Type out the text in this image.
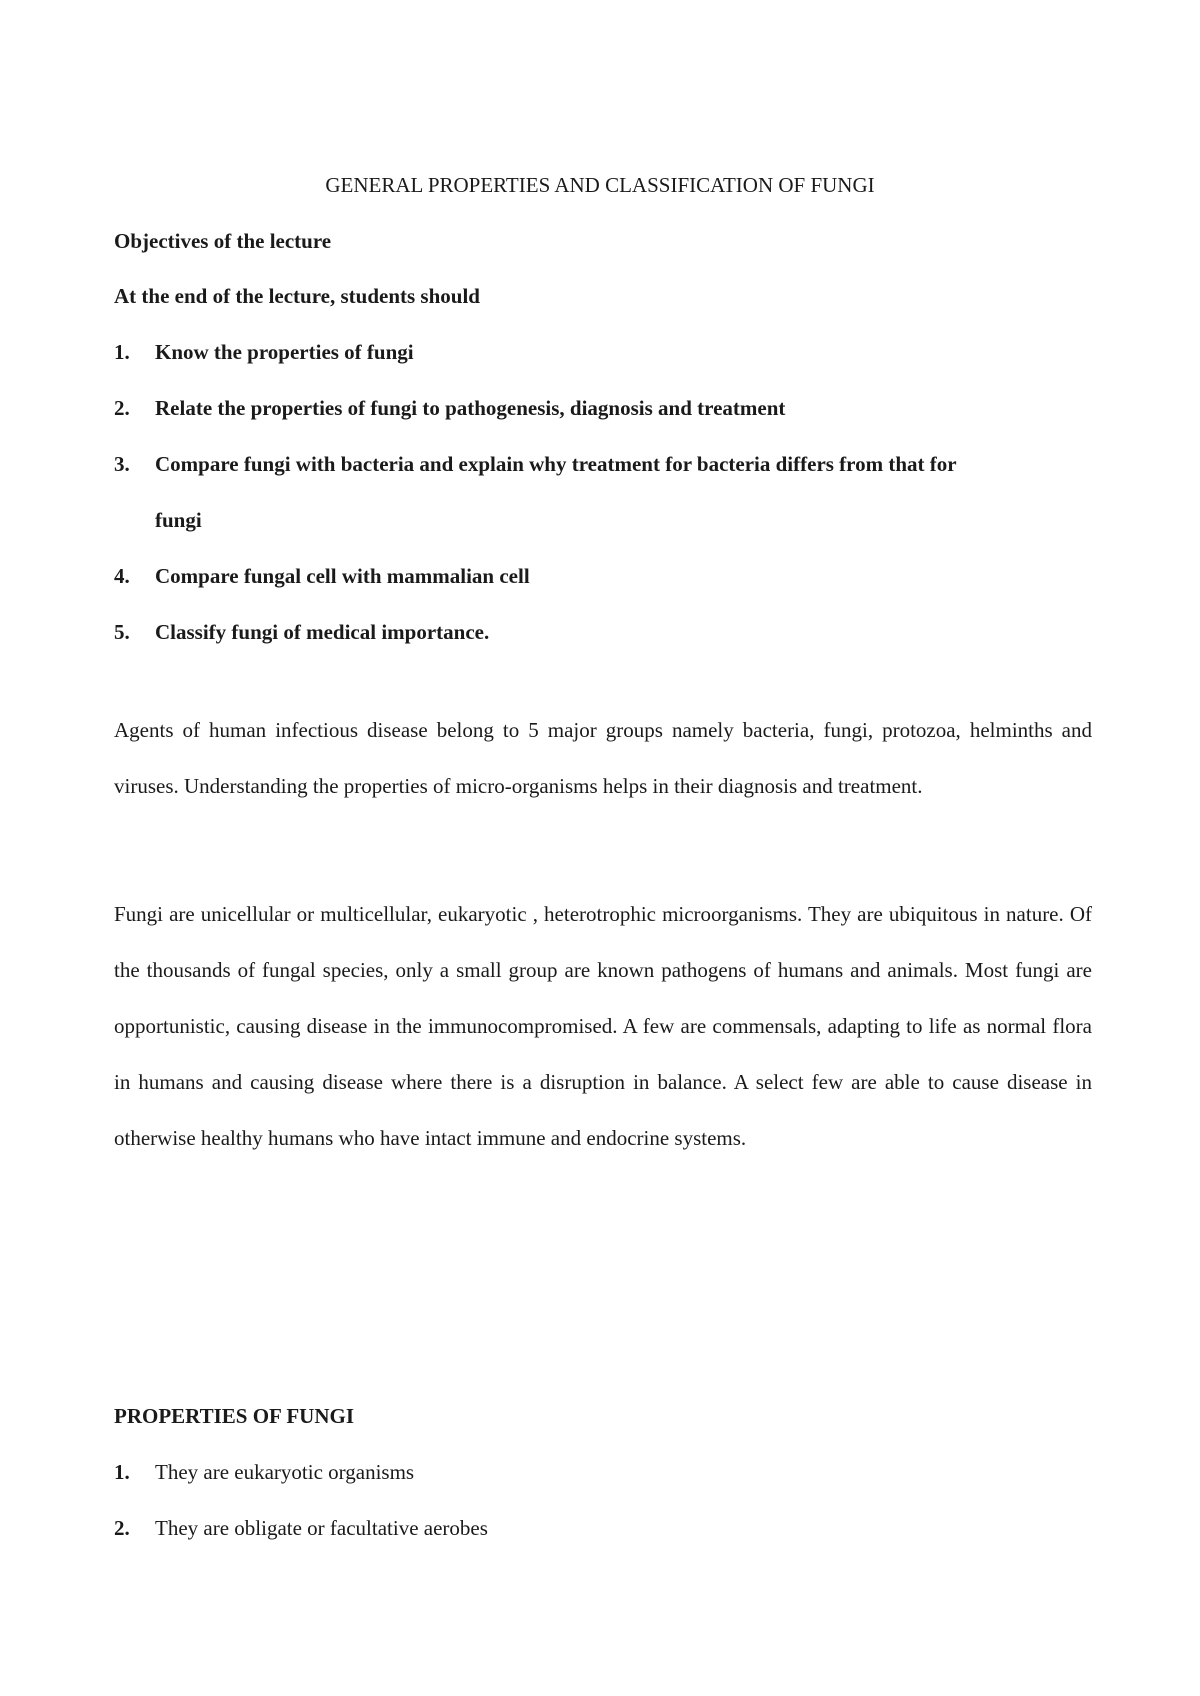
GENERAL PROPERTIES AND CLASSIFICATION OF FUNGI
Objectives of the lecture
At the end of the lecture, students should
1. Know the properties of fungi
2. Relate the properties of fungi to pathogenesis, diagnosis and treatment
3. Compare fungi with bacteria and explain why treatment for bacteria differs from that for
fungi
4. Compare fungal cell with mammalian cell
5. Classify fungi of medical importance.
Agents of human infectious disease belong to 5 major groups namely bacteria, fungi, protozoa, helminths and viruses. Understanding the properties of micro-organisms helps in their diagnosis and treatment.
Fungi are unicellular or multicellular, eukaryotic , heterotrophic microorganisms. They are ubiquitous in nature. Of the thousands of fungal species, only a small group are known pathogens of humans and animals. Most fungi are opportunistic, causing disease in the immunocompromised. A few are commensals, adapting to life as normal flora in humans and causing disease where there is a disruption in balance. A select few are able to cause disease in otherwise healthy humans who have intact immune and endocrine systems.
PROPERTIES OF FUNGI
1. They are eukaryotic organisms
2. They are obligate or facultative aerobes
